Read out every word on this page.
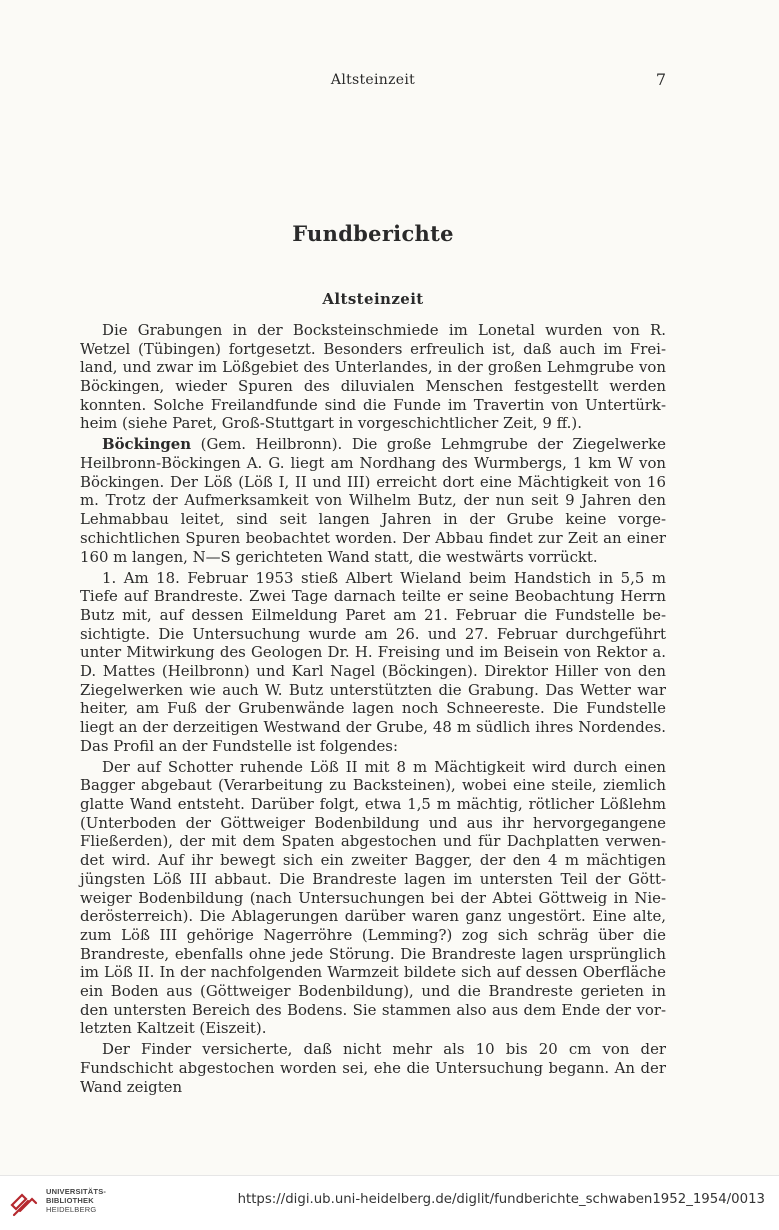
Altsteinzeit	7
Fundberichte
Altsteinzeit

Die Grabungen in der Bocksteinschmiede im Lonetal wurden von R. Wetzel (Tübingen) fortgesetzt. Besonders erfreulich ist, daß auch im Freiland, und zwar im Lößgebiet des Unterlandes, in der großen Lehmgrube von Böckingen, wieder Spuren des diluvialen Menschen festgestellt werden konnten. Solche Freilandfunde sind die Funde im Travertin von Untertürkheim (siehe Paret, Groß-Stuttgart in vorgeschichtlicher Zeit, 9 ff.).

Böckingen (Gem. Heilbronn). Die große Lehmgrube der Ziegelwerke Heilbronn-Böckingen A. G. liegt am Nordhang des Wurmbergs, 1 km W von Böckingen. Der Löß (Löß I, II und III) erreicht dort eine Mächtigkeit von 16 m. Trotz der Aufmerksamkeit von Wilhelm Butz, der nun seit 9 Jahren den Lehmabbau leitet, sind seit langen Jahren in der Grube keine vorgeschichtlichen Spuren beobachtet worden. Der Abbau findet zur Zeit an einer 160 m langen, N—S gerichteten Wand statt, die westwärts vorrückt.

1. Am 18. Februar 1953 stieß Albert Wieland beim Handstich in 5,5 m Tiefe auf Brandreste. Zwei Tage darnach teilte er seine Beobachtung Herrn Butz mit, auf dessen Eilmeldung Paret am 21. Februar die Fundstelle besichtigte. Die Untersuchung wurde am 26. und 27. Februar durchgeführt unter Mitwirkung des Geologen Dr. H. Freising und im Beisein von Rektor a. D. Mattes (Heilbronn) und Karl Nagel (Böckingen). Direktor Hiller von den Ziegelwerken wie auch W. Butz unterstützten die Grabung. Das Wetter war heiter, am Fuß der Grubenwände lagen noch Schneereste. Die Fundstelle liegt an der derzeitigen Westwand der Grube, 48 m südlich ihres Nordendes. Das Profil an der Fundstelle ist folgendes:

Der auf Schotter ruhende Löß II mit 8 m Mächtigkeit wird durch einen Bagger abgebaut (Verarbeitung zu Backsteinen), wobei eine steile, ziemlich glatte Wand entsteht. Darüber folgt, etwa 1,5 m mächtig, rötlicher Lößlehm (Unterboden der Göttweiger Bodenbildung und aus ihr hervorgegangene Fließerden), der mit dem Spaten abgestochen und für Dachplatten verwendet wird. Auf ihr bewegt sich ein zweiter Bagger, der den 4 m mächtigen jüngsten Löß III abbaut. Die Brandreste lagen im untersten Teil der Göttweiger Bodenbildung (nach Untersuchungen bei der Abtei Göttweig in Niederösterreich). Die Ablagerungen darüber waren ganz ungestört. Eine alte, zum Löß III gehörige Nagerröhre (Lemming?) zog sich schräg über die Brandreste, ebenfalls ohne jede Störung. Die Brandreste lagen ursprünglich im Löß II. In der nachfolgenden Warmzeit bildete sich auf dessen Oberfläche ein Boden aus (Göttweiger Bodenbildung), und die Brandreste gerieten in den untersten Bereich des Bodens. Sie stammen also aus dem Ende der vorletzten Kaltzeit (Eiszeit).

Der Finder versicherte, daß nicht mehr als 10 bis 20 cm von der Fundschicht abgestochen worden sei, ehe die Untersuchung begann. An der Wand zeigten

UNIVERSITÄTS-
BIBLIOTHEK
HEIDELBERG
https://digi.ub.uni-heidelberg.de/diglit/fundberichte_schwaben1952_1954/0013
